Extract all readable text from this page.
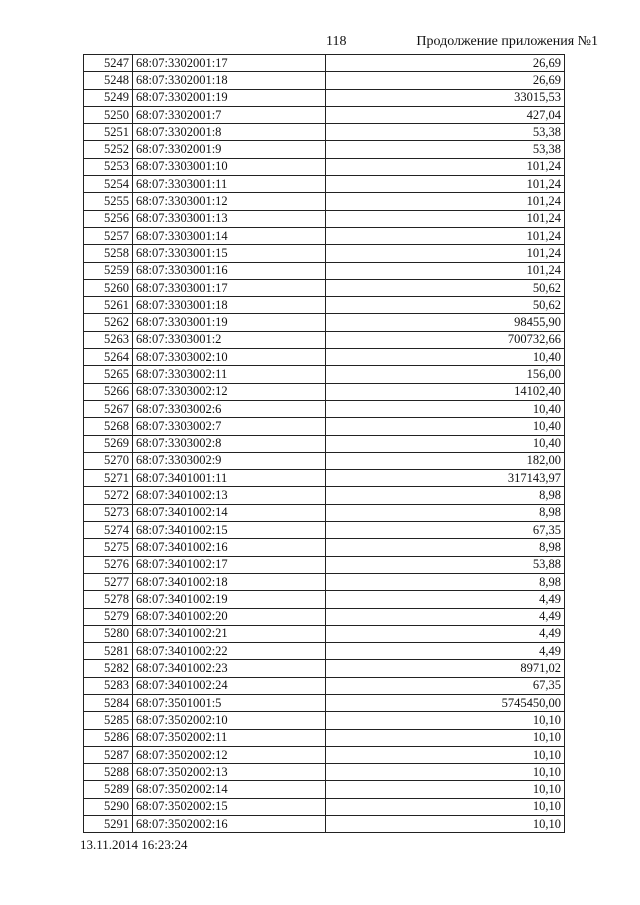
118	Продолжение приложения №1
5247	68:07:3302001:17	26,69
5248	68:07:3302001:18	26,69
5249	68:07:3302001:19	33015,53
5250	68:07:3302001:7	427,04
5251	68:07:3302001:8	53,38
5252	68:07:3302001:9	53,38
5253	68:07:3303001:10	101,24
5254	68:07:3303001:11	101,24
5255	68:07:3303001:12	101,24
5256	68:07:3303001:13	101,24
5257	68:07:3303001:14	101,24
5258	68:07:3303001:15	101,24
5259	68:07:3303001:16	101,24
5260	68:07:3303001:17	50,62
5261	68:07:3303001:18	50,62
5262	68:07:3303001:19	98455,90
5263	68:07:3303001:2	700732,66
5264	68:07:3303002:10	10,40
5265	68:07:3303002:11	156,00
5266	68:07:3303002:12	14102,40
5267	68:07:3303002:6	10,40
5268	68:07:3303002:7	10,40
5269	68:07:3303002:8	10,40
5270	68:07:3303002:9	182,00
5271	68:07:3401001:11	317143,97
5272	68:07:3401002:13	8,98
5273	68:07:3401002:14	8,98
5274	68:07:3401002:15	67,35
5275	68:07:3401002:16	8,98
5276	68:07:3401002:17	53,88
5277	68:07:3401002:18	8,98
5278	68:07:3401002:19	4,49
5279	68:07:3401002:20	4,49
5280	68:07:3401002:21	4,49
5281	68:07:3401002:22	4,49
5282	68:07:3401002:23	8971,02
5283	68:07:3401002:24	67,35
5284	68:07:3501001:5	5745450,00
5285	68:07:3502002:10	10,10
5286	68:07:3502002:11	10,10
5287	68:07:3502002:12	10,10
5288	68:07:3502002:13	10,10
5289	68:07:3502002:14	10,10
5290	68:07:3502002:15	10,10
5291	68:07:3502002:16	10,10
13.11.2014 16:23:24
